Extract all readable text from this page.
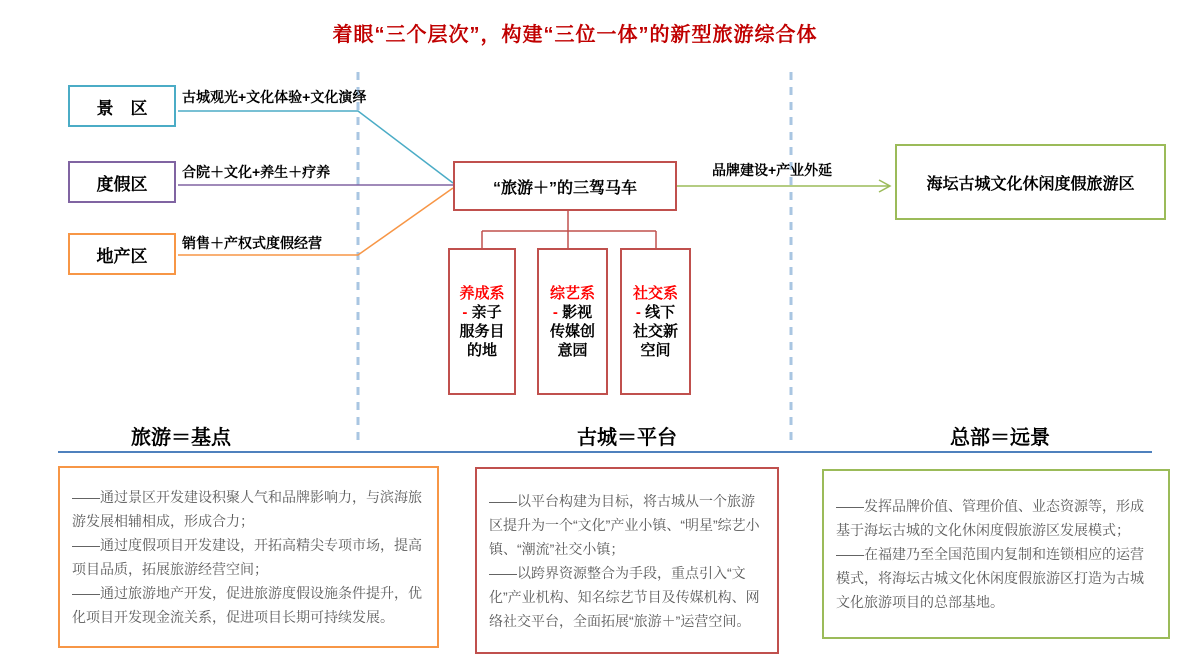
着眼“三个层次”，构建“三位一体”的新型旅游综合体
景　区
度假区
地产区
古城观光+文化体验+文化演绎
合院＋文化+养生＋疗养
销售＋产权式度假经营
“旅游＋”的三驾马车
养成系
- 亲子
服务目
的地
综艺系
- 影视
传媒创
意园
社交系
- 线下
社交新
空间
品牌建设+产业外延
海坛古城文化休闲度假旅游区
旅游＝基点	古城＝平台	总部＝远景
——通过景区开发建设积聚人气和品牌影响力，与滨海旅游发展相辅相成，形成合力；
——通过度假项目开发建设，开拓高精尖专项市场，提高项目品质，拓展旅游经营空间；
——通过旅游地产开发，促进旅游度假设施条件提升，优化项目开发现金流关系，促进项目长期可持续发展。
——以平台构建为目标，将古城从一个旅游区提升为一个“文化”产业小镇、“明星”综艺小镇、“潮流”社交小镇；
——以跨界资源整合为手段，重点引入“文化”产业机构、知名综艺节目及传媒机构、网络社交平台，全面拓展“旅游＋”运营空间。
——发挥品牌价值、管理价值、业态资源等，形成基于海坛古城的文化休闲度假旅游区发展模式；
——在福建乃至全国范围内复制和连锁相应的运营模式，将海坛古城文化休闲度假旅游区打造为古城文化旅游项目的总部基地。
